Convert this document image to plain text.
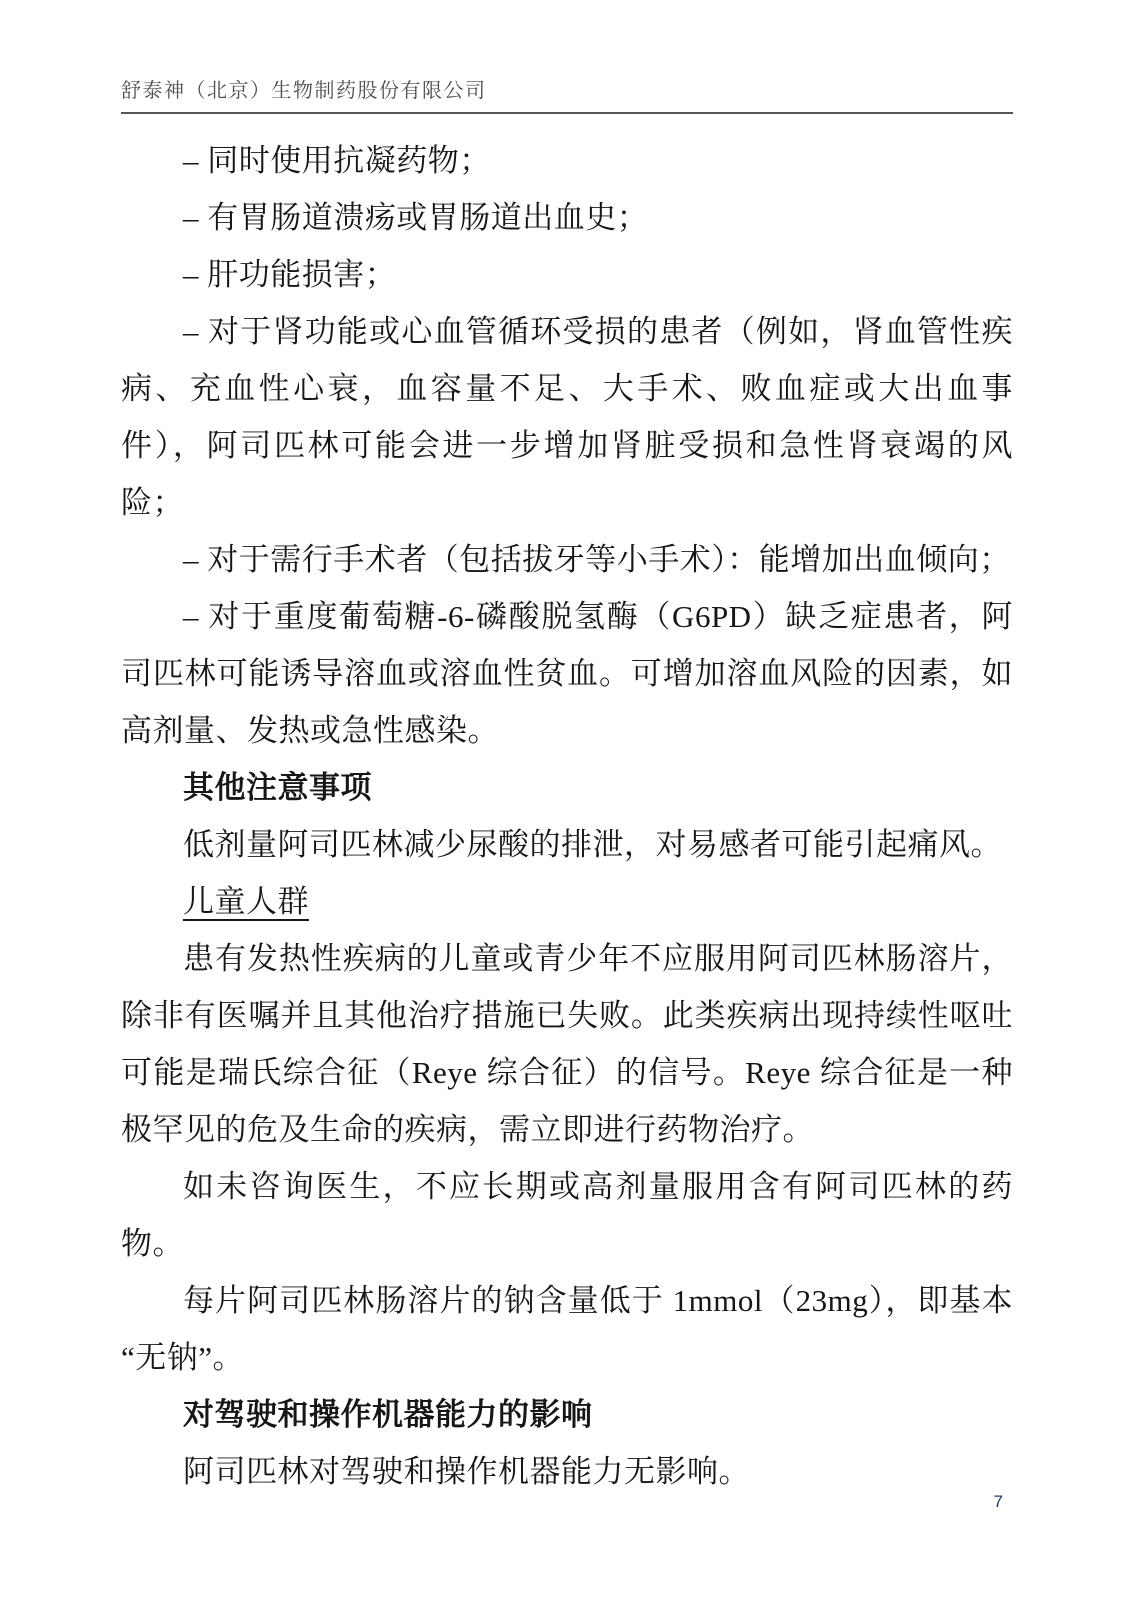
舒泰神（北京）生物制药股份有限公司

– 同时使用抗凝药物；

– 有胃肠道溃疡或胃肠道出血史；

– 肝功能损害；

– 对于肾功能或心血管循环受损的患者（例如，肾血管性疾病、充血性心衰，血容量不足、大手术、败血症或大出血事件），阿司匹林可能会进一步增加肾脏受损和急性肾衰竭的风险；

– 对于需行手术者（包括拔牙等小手术）：能增加出血倾向；

– 对于重度葡萄糖-6-磷酸脱氢酶（G6PD）缺乏症患者，阿司匹林可能诱导溶血或溶血性贫血。可增加溶血风险的因素，如高剂量、发热或急性感染。

其他注意事项

低剂量阿司匹林减少尿酸的排泄，对易感者可能引起痛风。

儿童人群

患有发热性疾病的儿童或青少年不应服用阿司匹林肠溶片，除非有医嘱并且其他治疗措施已失败。此类疾病出现持续性呕吐可能是瑞氏综合征（Reye 综合征）的信号。Reye 综合征是一种极罕见的危及生命的疾病，需立即进行药物治疗。

如未咨询医生，不应长期或高剂量服用含有阿司匹林的药物。

每片阿司匹林肠溶片的钠含量低于 1mmol（23mg），即基本“无钠”。

对驾驶和操作机器能力的影响

阿司匹林对驾驶和操作机器能力无影响。

7
